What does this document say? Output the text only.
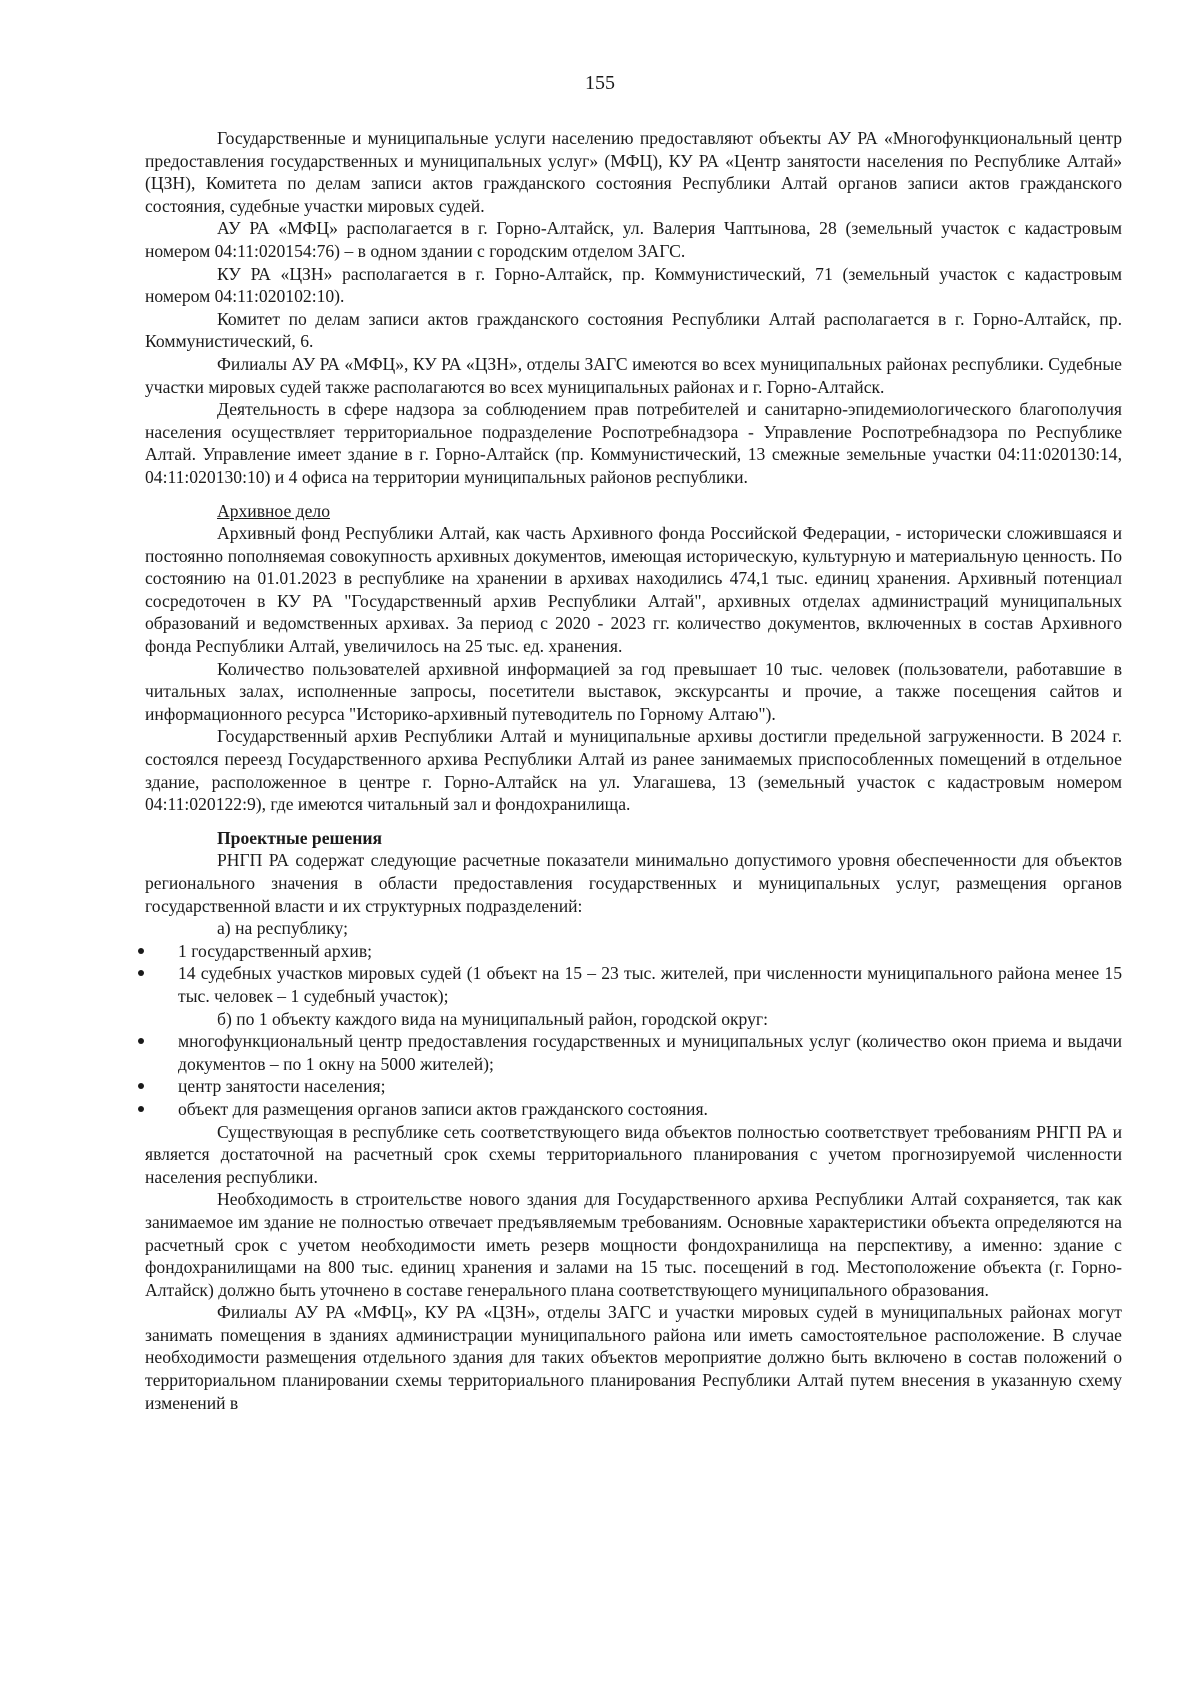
155

Государственные и муниципальные услуги населению предоставляют объекты АУ РА «Многофункциональный центр предоставления государственных и муниципальных услуг» (МФЦ), КУ РА «Центр занятости населения по Республике Алтай» (ЦЗН), Комитета по делам записи актов гражданского состояния Республики Алтай органов записи актов гражданского состояния, судебные участки мировых судей.

АУ РА «МФЦ» располагается в г. Горно-Алтайск, ул. Валерия Чаптынова, 28 (земельный участок с кадастровым номером 04:11:020154:76) – в одном здании с городским отделом ЗАГС.

КУ РА «ЦЗН» располагается в г. Горно-Алтайск, пр. Коммунистический, 71 (земельный участок с кадастровым номером 04:11:020102:10).

Комитет по делам записи актов гражданского состояния Республики Алтай располагается в г. Горно-Алтайск, пр. Коммунистический, 6.

Филиалы АУ РА «МФЦ», КУ РА «ЦЗН», отделы ЗАГС имеются во всех муниципальных районах республики. Судебные участки мировых судей также располагаются во всех муниципальных районах и г. Горно-Алтайск.

Деятельность в сфере надзора за соблюдением прав потребителей и санитарно-эпидемиологического благополучия населения осуществляет территориальное подразделение Роспотребнадзора - Управление Роспотребнадзора по Республике Алтай. Управление имеет здание в г. Горно-Алтайск (пр. Коммунистический, 13 смежные земельные участки 04:11:020130:14, 04:11:020130:10) и 4 офиса на территории муниципальных районов республики.

Архивное дело

Архивный фонд Республики Алтай, как часть Архивного фонда Российской Федерации, - исторически сложившаяся и постоянно пополняемая совокупность архивных документов, имеющая историческую, культурную и материальную ценность. По состоянию на 01.01.2023 в республике на хранении в архивах находились 474,1 тыс. единиц хранения. Архивный потенциал сосредоточен в КУ РА "Государственный архив Республики Алтай", архивных отделах администраций муниципальных образований и ведомственных архивах. За период с 2020 - 2023 гг. количество документов, включенных в состав Архивного фонда Республики Алтай, увеличилось на 25 тыс. ед. хранения.

Количество пользователей архивной информацией за год превышает 10 тыс. человек (пользователи, работавшие в читальных залах, исполненные запросы, посетители выставок, экскурсанты и прочие, а также посещения сайтов и информационного ресурса "Историко-архивный путеводитель по Горному Алтаю").

Государственный архив Республики Алтай и муниципальные архивы достигли предельной загруженности. В 2024 г. состоялся переезд Государственного архива Республики Алтай из ранее занимаемых приспособленных помещений в отдельное здание, расположенное в центре г. Горно-Алтайск на ул. Улагашева, 13 (земельный участок с кадастровым номером 04:11:020122:9), где имеются читальный зал и фондохранилища.

Проектные решения

РНГП РА содержат следующие расчетные показатели минимально допустимого уровня обеспеченности для объектов регионального значения в области предоставления государственных и муниципальных услуг, размещения органов государственной власти и их структурных подразделений:

а) на республику;

1 государственный архив;
14 судебных участков мировых судей (1 объект на 15 – 23 тыс. жителей, при численности муниципального района менее 15 тыс. человек – 1 судебный участок);

б) по 1 объекту каждого вида на муниципальный район, городской округ:

многофункциональный центр предоставления государственных и муниципальных услуг (количество окон приема и выдачи документов – по 1 окну на 5000 жителей);
центр занятости населения;
объект для размещения органов записи актов гражданского состояния.

Существующая в республике сеть соответствующего вида объектов полностью соответствует требованиям РНГП РА и является достаточной на расчетный срок схемы территориального планирования с учетом прогнозируемой численности населения республики.

Необходимость в строительстве нового здания для Государственного архива Республики Алтай сохраняется, так как занимаемое им здание не полностью отвечает предъявляемым требованиям. Основные характеристики объекта определяются на расчетный срок с учетом необходимости иметь резерв мощности фондохранилища на перспективу, а именно: здание с фондохранилищами на 800 тыс. единиц хранения и залами на 15 тыс. посещений в год. Местоположение объекта (г. Горно-Алтайск) должно быть уточнено в составе генерального плана соответствующего муниципального образования.

Филиалы АУ РА «МФЦ», КУ РА «ЦЗН», отделы ЗАГС и участки мировых судей в муниципальных районах могут занимать помещения в зданиях администрации муниципального района или иметь самостоятельное расположение. В случае необходимости размещения отдельного здания для таких объектов мероприятие должно быть включено в состав положений о территориальном планировании схемы территориального планирования Республики Алтай путем внесения в указанную схему изменений в
